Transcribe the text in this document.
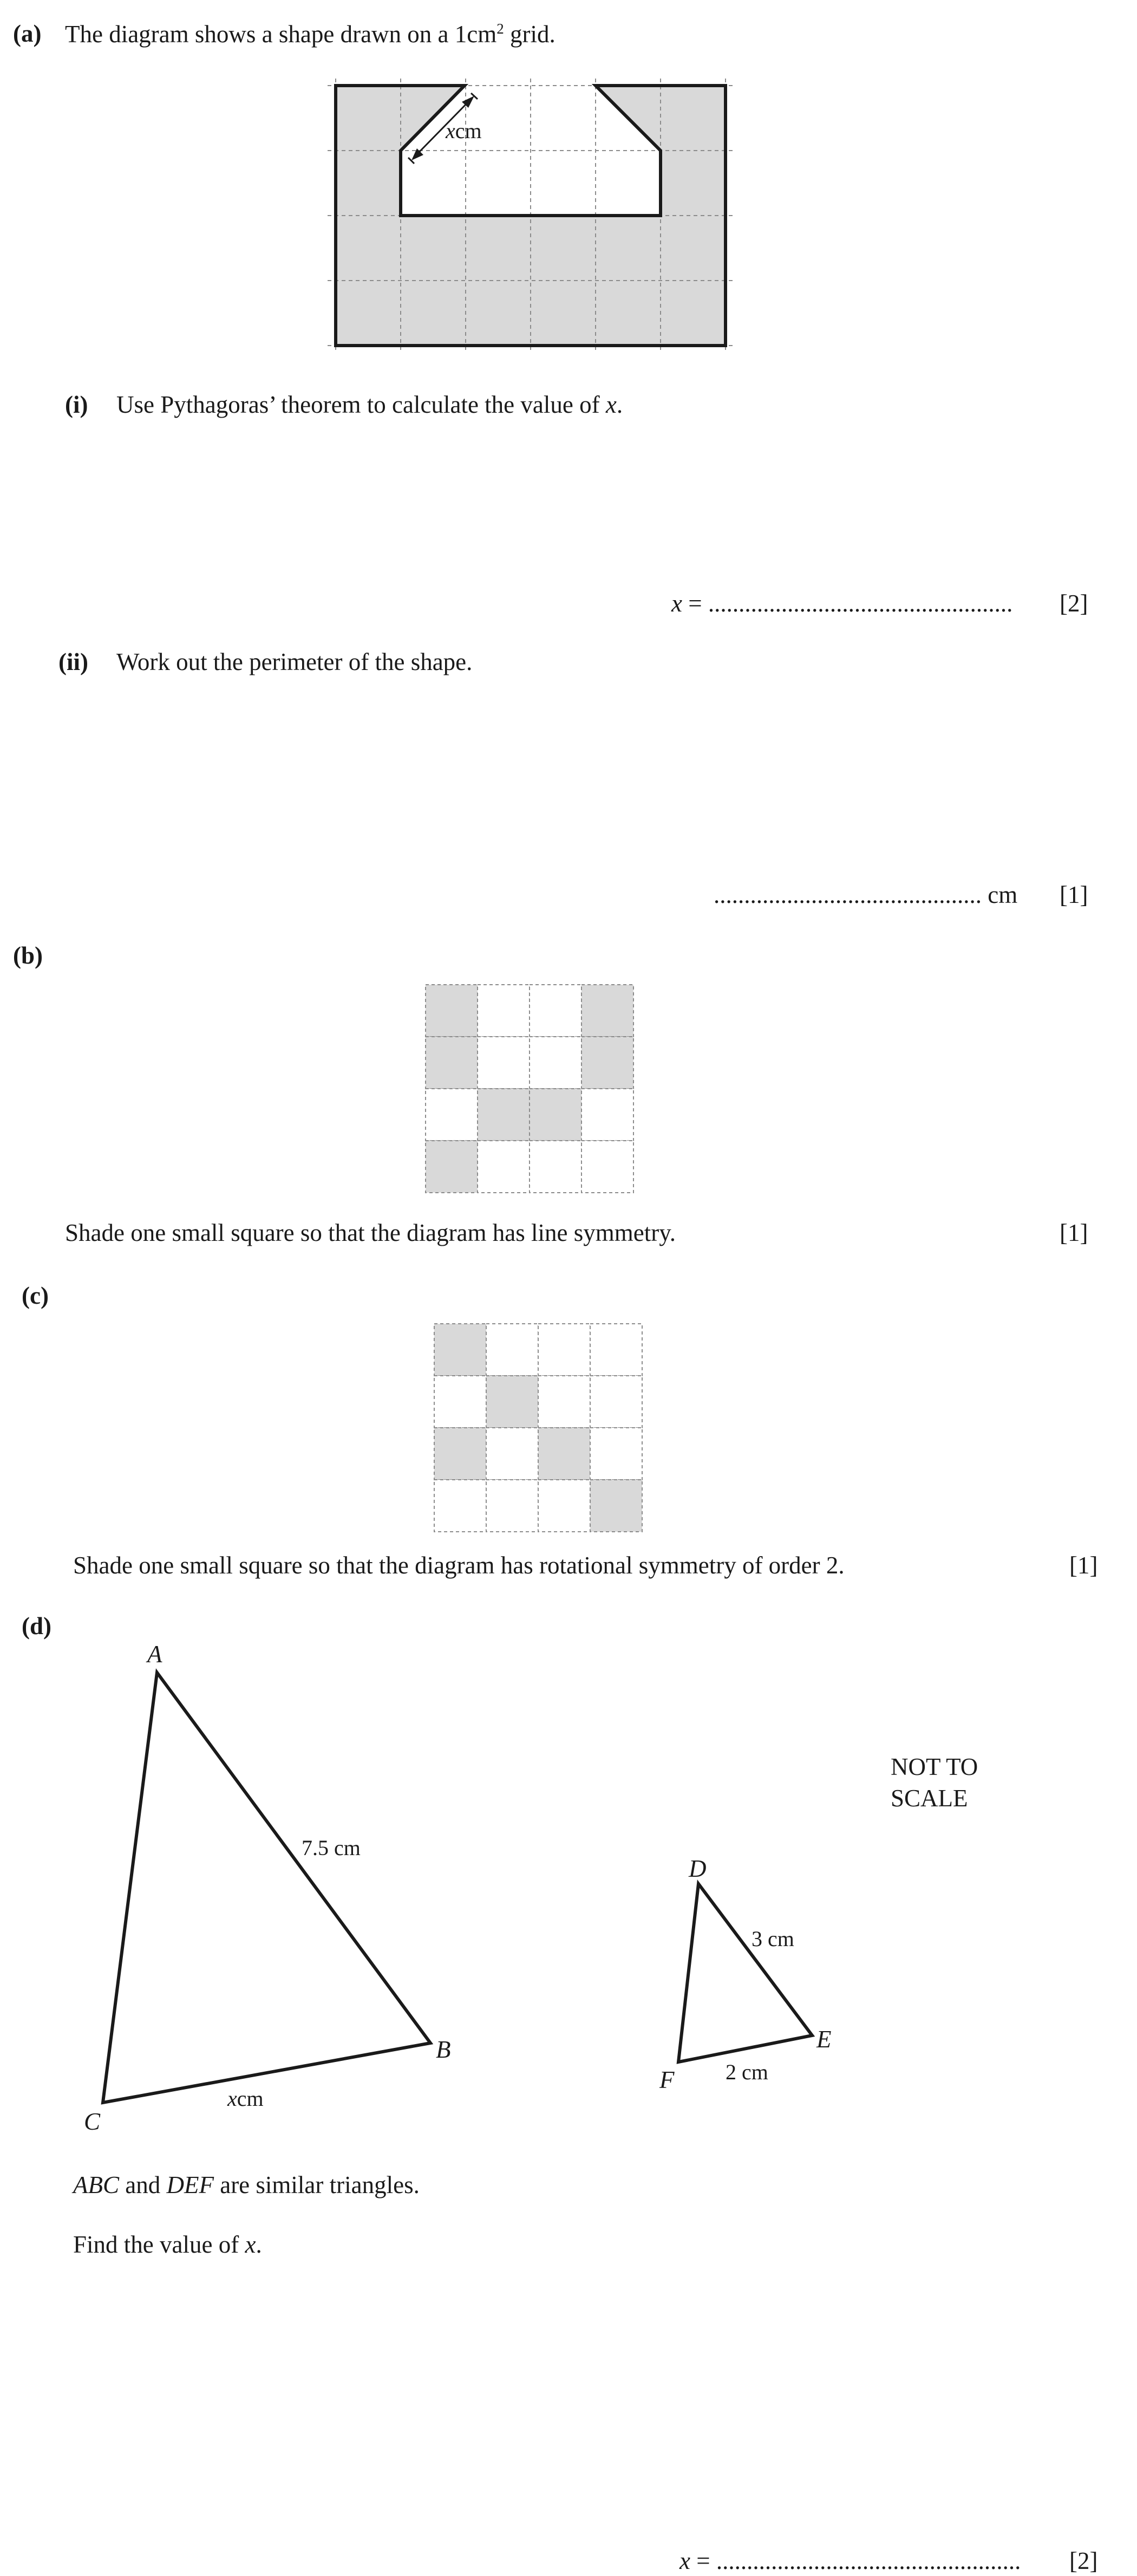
(a) The diagram shows a shape drawn on a $1cm^2$ grid.
xcm
(i) Use Pythagoras’ theorem to calculate the value of x.
x = .................................................. [2]
(ii) Work out the perimeter of the shape.
............................................ cm [1]
(b)
Shade one small square so that the diagram has line symmetry.	[1]
(c)
Shade one small square so that the diagram has rotational symmetry of order 2.	[1]
(d)
A
B
C
7.5 cm
xcm
D
E
F
3 cm
2 cm
NOT TO
SCALE
ABC and DEF are similar triangles.
Find the value of x.
x = .................................................. [2]
